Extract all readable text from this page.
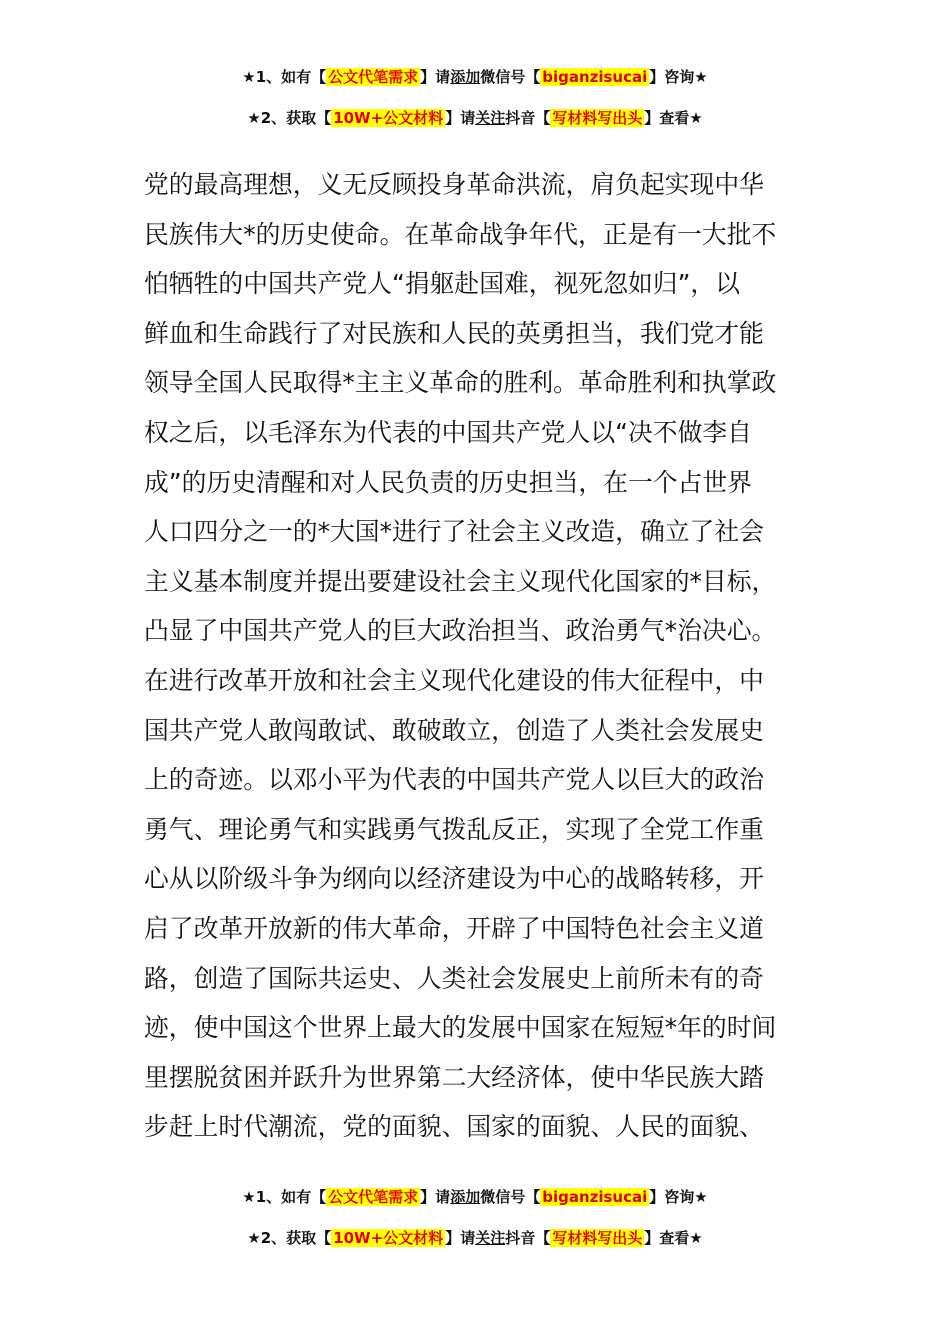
★1、如有【 公文代笔需求 】请添加微信号【 biganzisucai 】咨询★
★2、获取【 10W+公文材料 】请关注抖音【 写材料写出头 】查看★
党的最高理想，义无反顾投身革命洪流，肩负起实现中华
民族伟大*的历史使命。在革命战争年代，正是有一大批不
怕牺牲的中国共产党人“捐躯赴国难，视死忽如归”，以
鲜血和生命践行了对民族和人民的英勇担当，我们党才能
领导全国人民取得*主主义革命的胜利。革命胜利和执掌政
权之后，以毛泽东为代表的中国共产党人以“决不做李自
成”的历史清醒和对人民负责的历史担当，在一个占世界
人口四分之一的*大国*进行了社会主义改造，确立了社会
主义基本制度并提出要建设社会主义现代化国家的*目标，
凸显了中国共产党人的巨大政治担当、政治勇气*治决心。
在进行改革开放和社会主义现代化建设的伟大征程中，中
国共产党人敢闯敢试、敢破敢立，创造了人类社会发展史
上的奇迹。以邓小平为代表的中国共产党人以巨大的政治
勇气、理论勇气和实践勇气拨乱反正，实现了全党工作重
心从以阶级斗争为纲向以经济建设为中心的战略转移，开
启了改革开放新的伟大革命，开辟了中国特色社会主义道
路，创造了国际共运史、人类社会发展史上前所未有的奇
迹，使中国这个世界上最大的发展中国家在短短*年的时间
里摆脱贫困并跃升为世界第二大经济体，使中华民族大踏
步赶上时代潮流，党的面貌、国家的面貌、人民的面貌、
★1、如有【 公文代笔需求 】请添加微信号【 biganzisucai 】咨询★
★2、获取【 10W+公文材料 】请关注抖音【 写材料写出头 】查看★
